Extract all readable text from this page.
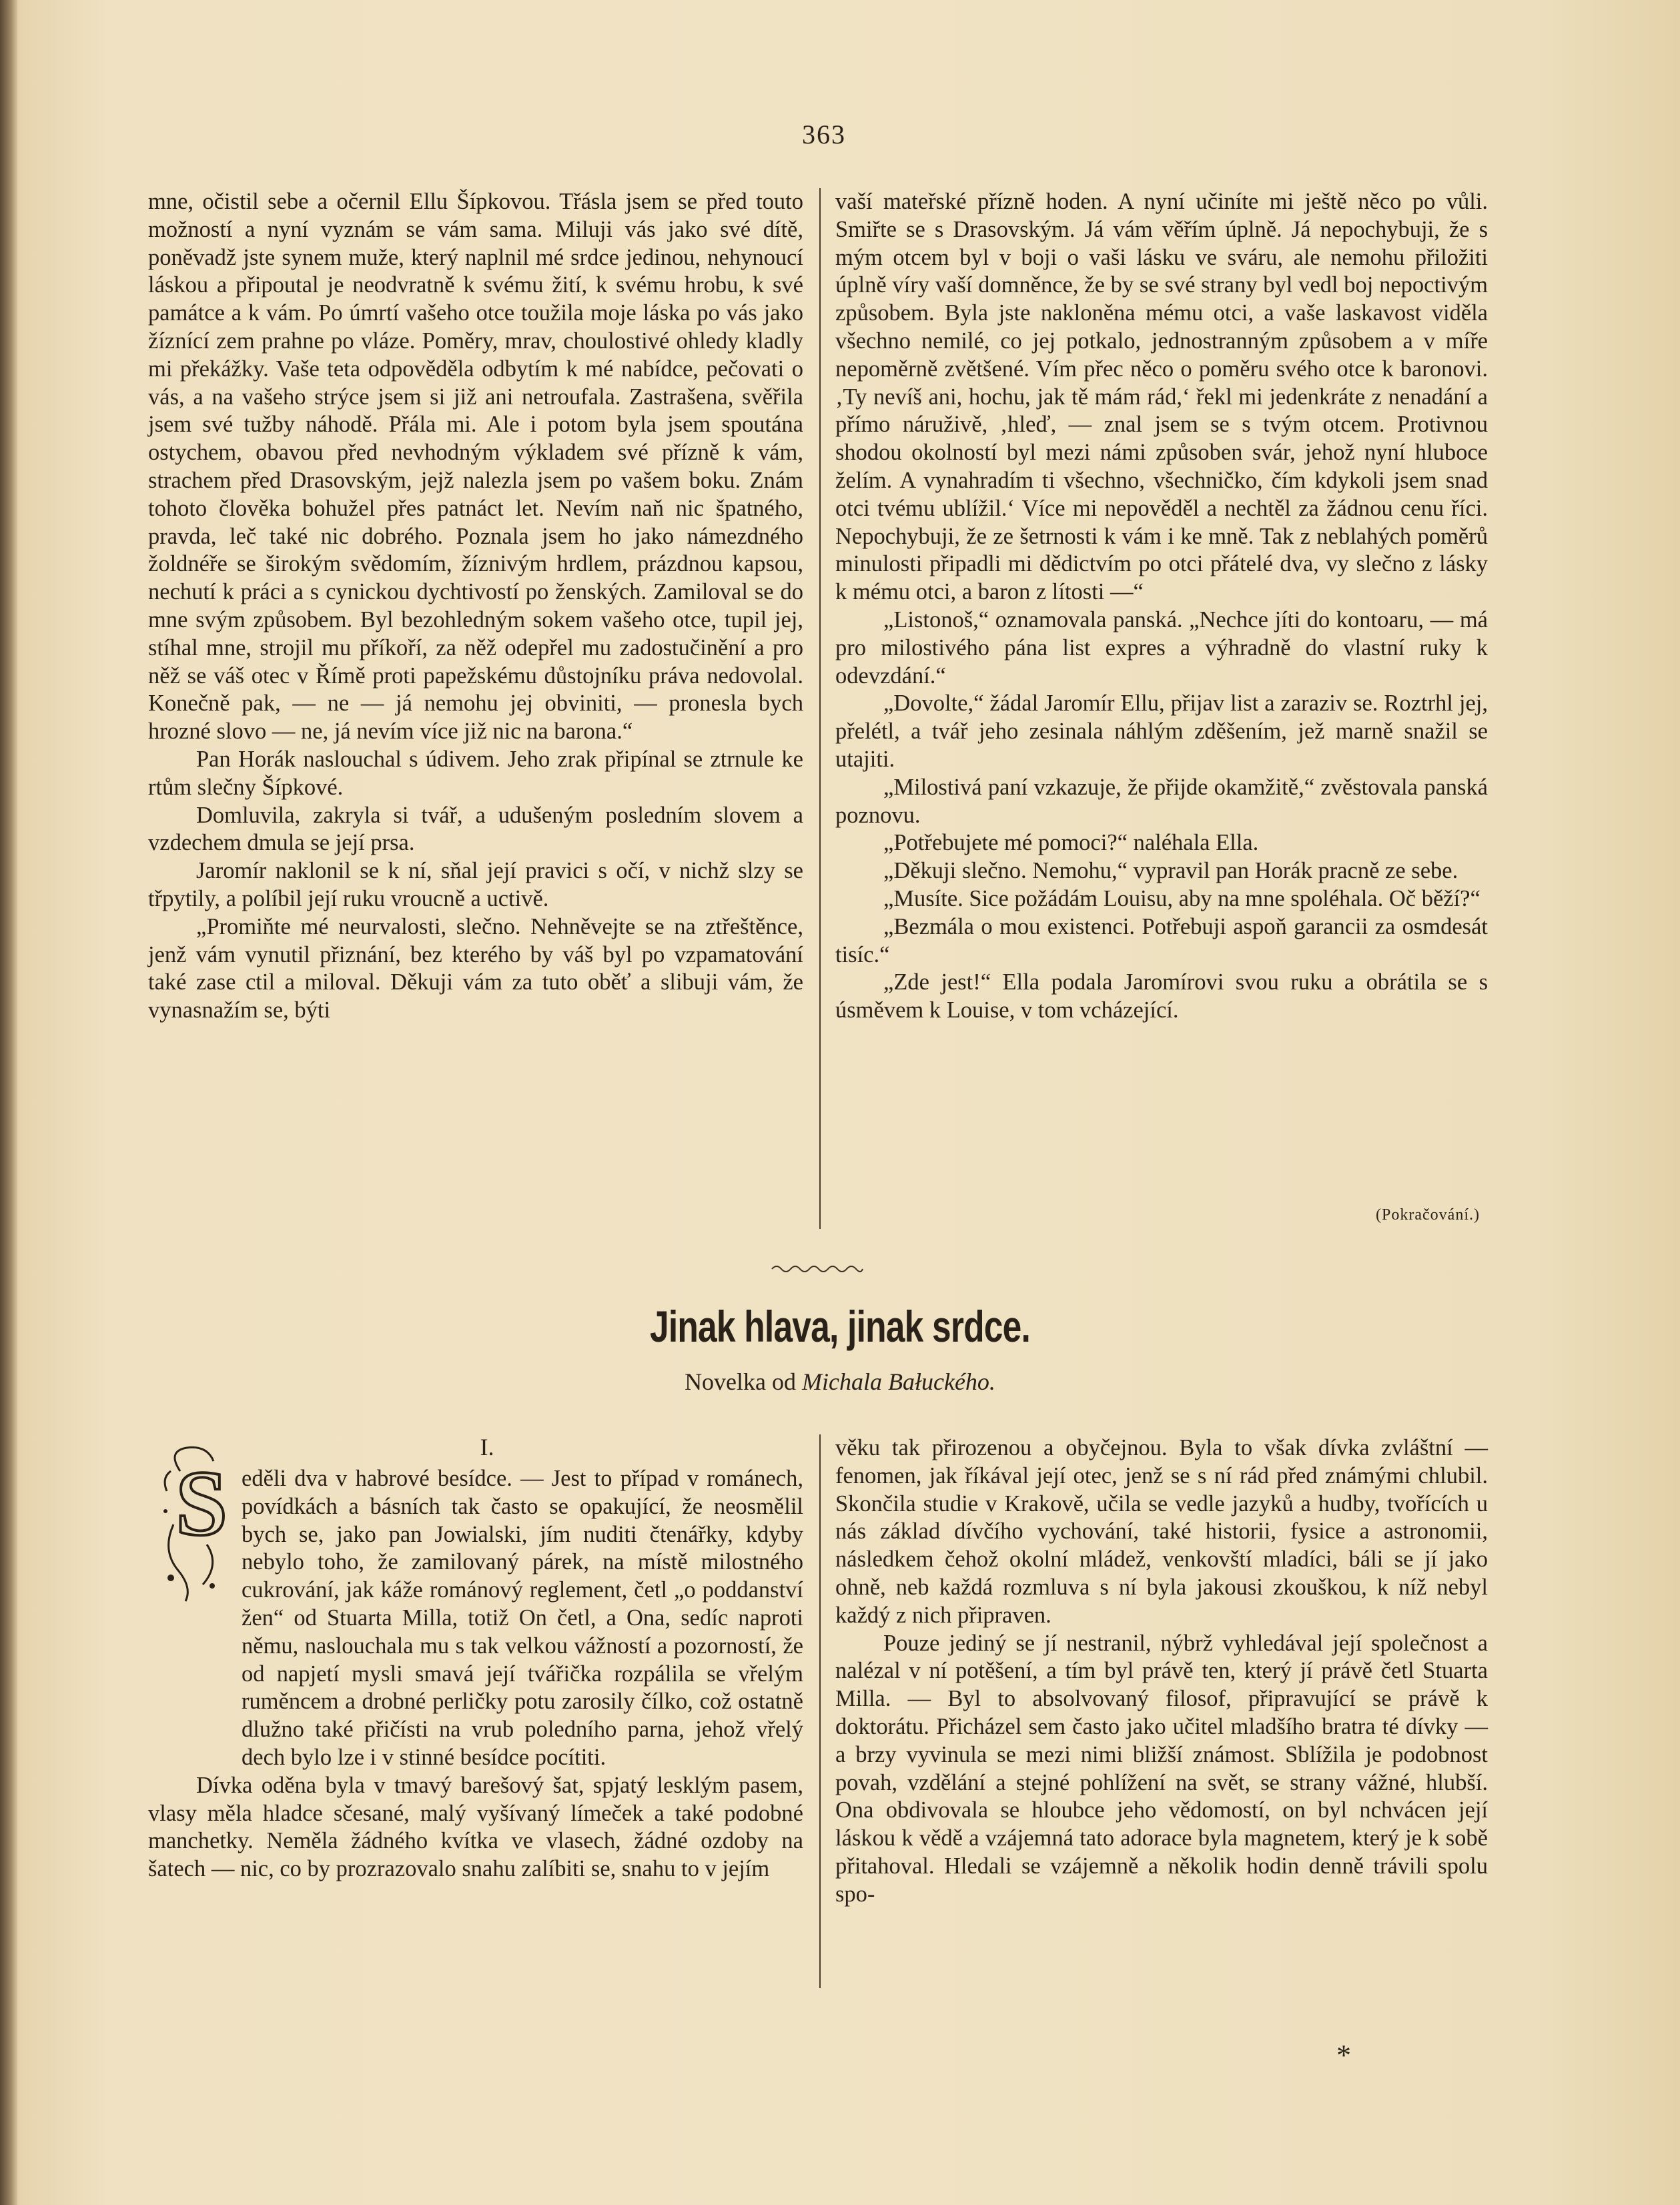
363

mne, očistil sebe a očernil Ellu Šípkovou. Třásla jsem se před touto možností a nyní vyznám se vám sama. Miluji vás jako své dítě, poněvadž jste synem muže, který naplnil mé srdce jedinou, nehynoucí láskou a připoutal je neodvratně k svému žití, k svému hrobu, k své památce a k vám. Po úmrtí vašeho otce toužila moje láska po vás jako žíznící zem prahne po vláze. Poměry, mrav, choulostivé ohledy kladly mi překážky. Vaše teta odpověděla odbytím k mé nabídce, pečovati o vás, a na vašeho strýce jsem si již ani netroufala. Zastrašena, svěřila jsem své tužby náhodě. Přála mi. Ale i potom byla jsem spoutána ostychem, obavou před nevhodným výkladem své přízně k vám, strachem před Drasovským, jejž nalezla jsem po vašem boku. Znám tohoto člověka bohužel přes patnáct let. Nevím naň nic špatného, pravda, leč také nic dobrého. Poznala jsem ho jako námezdného žoldnéře se širokým svědomím, žíznivým hrdlem, prázdnou kapsou, nechutí k práci a s cynickou dychtivostí po ženských. Zamiloval se do mne svým způsobem. Byl bezohledným sokem vašeho otce, tupil jej, stíhal mne, strojil mu příkoří, za něž odepřel mu zadostučinění a pro něž se váš otec v Římě proti papežskému důstojníku práva nedovolal. Konečně pak, — ne — já nemohu jej obviniti, — pronesla bych hrozné slovo — ne, já nevím více již nic na barona.“

Pan Horák naslouchal s údivem. Jeho zrak připínal se ztrnule ke rtům slečny Šípkové.

Domluvila, zakryla si tvář, a udušeným posledním slovem a vzdechem dmula se její prsa.

Jaromír naklonil se k ní, sňal její pravici s očí, v nichž slzy se třpytily, a políbil její ruku vroucně a uctivě.

„Promiňte mé neurvalosti, slečno. Nehněvejte se na ztřeštěnce, jenž vám vynutil přiznání, bez kterého by váš byl po vzpamatování také zase ctil a miloval. Děkuji vám za tuto oběť a slibuji vám, že vynasnažím se, býti

vaší mateřské přízně hoden. A nyní učiníte mi ještě něco po vůli. Smiřte se s Drasovským. Já vám věřím úplně. Já nepochybuji, že s mým otcem byl v boji o vaši lásku ve sváru, ale nemohu přiložiti úplně víry vaší domněnce, že by se své strany byl vedl boj nepoctivým způsobem. Byla jste nakloněna mému otci, a vaše laskavost viděla všechno nemilé, co jej potkalo, jednostranným způsobem a v míře nepoměrně zvětšené. Vím přec něco o poměru svého otce k baronovi. ‚Ty nevíš ani, hochu, jak tě mám rád,‘ řekl mi jedenkráte z nenadání a přímo náruživě, ‚hleď, — znal jsem se s tvým otcem. Protivnou shodou okolností byl mezi námi způsoben svár, jehož nyní hluboce želím. A vynahradím ti všechno, všechničko, čím kdykoli jsem snad otci tvému ublížil.‘ Více mi nepověděl a nechtěl za žádnou cenu říci. Nepochybuji, že ze šetrnosti k vám i ke mně. Tak z neblahých poměrů minulosti připadli mi dědictvím po otci přátelé dva, vy slečno z lásky k mému otci, a baron z lítosti —“

„Listonoš,“ oznamovala panská. „Nechce jíti do kontoaru, — má pro milostivého pána list expres a výhradně do vlastní ruky k odevzdání.“

„Dovolte,“ žádal Jaromír Ellu, přijav list a zaraziv se. Roztrhl jej, přelétl, a tvář jeho zesinala náhlým zděšením, jež marně snažil se utajiti.

„Milostivá paní vzkazuje, že přijde okamžitě,“ zvěstovala panská poznovu.

„Potřebujete mé pomoci?“ naléhala Ella.

„Děkuji slečno. Nemohu,“ vypravil pan Horák pracně ze sebe.

„Musíte. Sice požádám Louisu, aby na mne spoléhala. Oč běží?“

„Bezmála o mou existenci. Potřebuji aspoň garancii za osmdesát tisíc.“

„Zde jest!“ Ella podala Jaromírovi svou ruku a obrátila se s úsměvem k Louise, v tom vcházející.

(Pokračování.)
Jinak hlava, jinak srdce.
Novelka od Michala Bałuckého.
I.
S eděli dva v habrové besídce. — Jest to případ v románech, povídkách a básních tak často se opakující, že neosmělil bych se, jako pan Jowialski, jím nuditi čtenářky, kdyby nebylo toho, že zamilovaný párek, na místě milostného cukrování, jak káže románový reglement, četl „o poddanství žen“ od Stuarta Milla, totiž On četl, a Ona, sedíc naproti němu, naslouchala mu s tak velkou vážností a pozorností, že od napjetí mysli smavá její tvářička rozpálila se vřelým ruměncem a drobné perličky potu zarosily čílko, což ostatně dlužno také přičísti na vrub poledního parna, jehož vřelý dech bylo lze i v stinné besídce pocítiti.

Dívka oděna byla v tmavý barešový šat, spjatý lesklým pasem, vlasy měla hladce sčesané, malý vyšívaný límeček a také podobné manchetky. Neměla žádného kvítka ve vlasech, žádné ozdoby na šatech — nic, co by prozrazovalo snahu zalíbiti se, snahu to v jejím

věku tak přirozenou a obyčejnou. Byla to však dívka zvláštní — fenomen, jak říkával její otec, jenž se s ní rád před známými chlubil. Skončila studie v Krakově, učila se vedle jazyků a hudby, tvořících u nás základ dívčího vychování, také historii, fysice a astronomii, následkem čehož okolní mládež, venkovští mladíci, báli se jí jako ohně, neb každá rozmluva s ní byla jakousi zkouškou, k níž nebyl každý z nich připraven.

Pouze jediný se jí nestranil, nýbrž vyhledával její společnost a nalézal v ní potěšení, a tím byl právě ten, který jí právě četl Stuarta Milla. — Byl to absolvovaný filosof, připravující se právě k doktorátu. Přicházel sem často jako učitel mladšího bratra té dívky — a brzy vyvinula se mezi nimi bližší známost. Sblížila je podobnost povah, vzdělání a stejné pohlížení na svět, se strany vážné, hlubší. Ona obdivovala se hloubce jeho vědomostí, on byl nchvácen její láskou k vědě a vzájemná tato adorace byla magnetem, který je k sobě přitahoval. Hledali se vzájemně a několik hodin denně trávili spolu spo-

*
